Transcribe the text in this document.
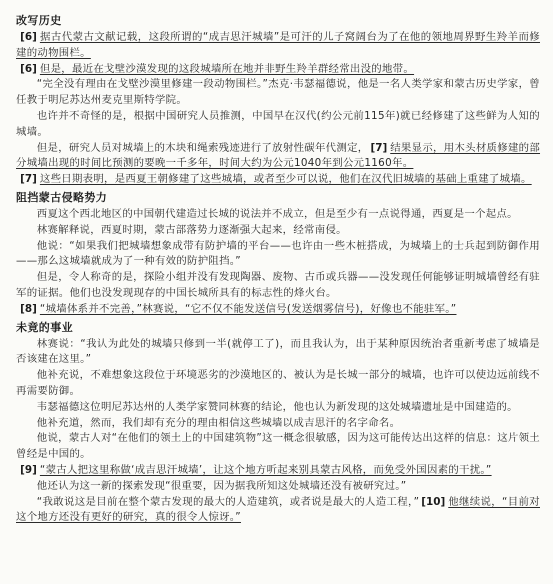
改写历史

[6] 据古代蒙古文献记载，这段所谓的“成吉思汗城墙”是可汗的儿子窝阔台为了在他的领地周界野生羚羊而修建的动物围栏。

[6] 但是，最近在戈壁沙漠发现的这段城墙所在地并非野生羚羊群经常出没的地带。

“完全没有理由在戈壁沙漠里修建一段动物围栏。”杰克·韦瑟福德说，他是一名人类学家和蒙古历史学家，曾任教于明尼苏达州麦克里斯特学院。

也许并不奇怪的是，根据中国研究人员推测，中国早在汉代(约公元前115年)就已经修建了这些鲜为人知的城墙。

但是，研究人员对城墙上的木块和绳索残迹进行了放射性碳年代测定， [7] 结果显示，用木头材质修建的部分城墙出现的时间比预测的要晚一千多年，时间大约为公元1040年到公元1160年。

[7] 这些日期表明，是西夏王朝修建了这些城墙，或者至少可以说，他们在汉代旧城墙的基础上重建了城墙。

阻挡蒙古侵略势力

西夏这个西北地区的中国朝代建造过长城的说法并不成立，但是至少有一点说得通，西夏是一个起点。

林赛解释说，西夏时期，蒙古部落势力逐渐强大起来，经常南侵。

他说：“如果我们把城墙想象成带有防护墙的平台——也许由一些木桩搭成，为城墙上的士兵起到防御作用——那么这城墙就成为了一种有效的防护阻挡。”

但是，令人称奇的是，探险小组并没有发现陶器、废物、古币或兵器——没发现任何能够证明城墙曾经有驻军的证据。他们也没发现现存的中国长城所具有的标志性的烽火台。

[8] “城墙体系并不完善，”林赛说，“它不仅不能发送信号(发送烟雾信号)，好像也不能驻军。”

未竟的事业

林赛说：“我认为此处的城墙只修到一半(就停工了)，而且我认为，出于某种原因统治者重新考虑了城墙是否该建在这里。”

他补充说，不难想象这段位于环境恶劣的沙漠地区的、被认为是长城一部分的城墙，也许可以使边远前线不再需要防御。

韦瑟福德这位明尼苏达州的人类学家赞同林赛的结论，他也认为新发现的这处城墙遗址是中国建造的。

他补充道，然而，我们却有充分的理由相信这些城墙以成吉思汗的名字命名。

他说，蒙古人对“在他们的领土上的中国建筑物”这一概念很敏感，因为这可能传达出这样的信息：这片领土曾经是中国的。

[9] “蒙古人把这里称做‘成吉思汗城墙’，让这个地方听起来别具蒙古风格，而免受外国因素的干扰。”

他还认为这一新的探索发现“很重要，因为据我所知这处城墙还没有被研究过。”

“我敢说这是目前在整个蒙古发现的最大的人造建筑，或者说是最大的人造工程，” [10] 他继续说，“目前对这个地方还没有更好的研究，真的很令人惊讶。”
